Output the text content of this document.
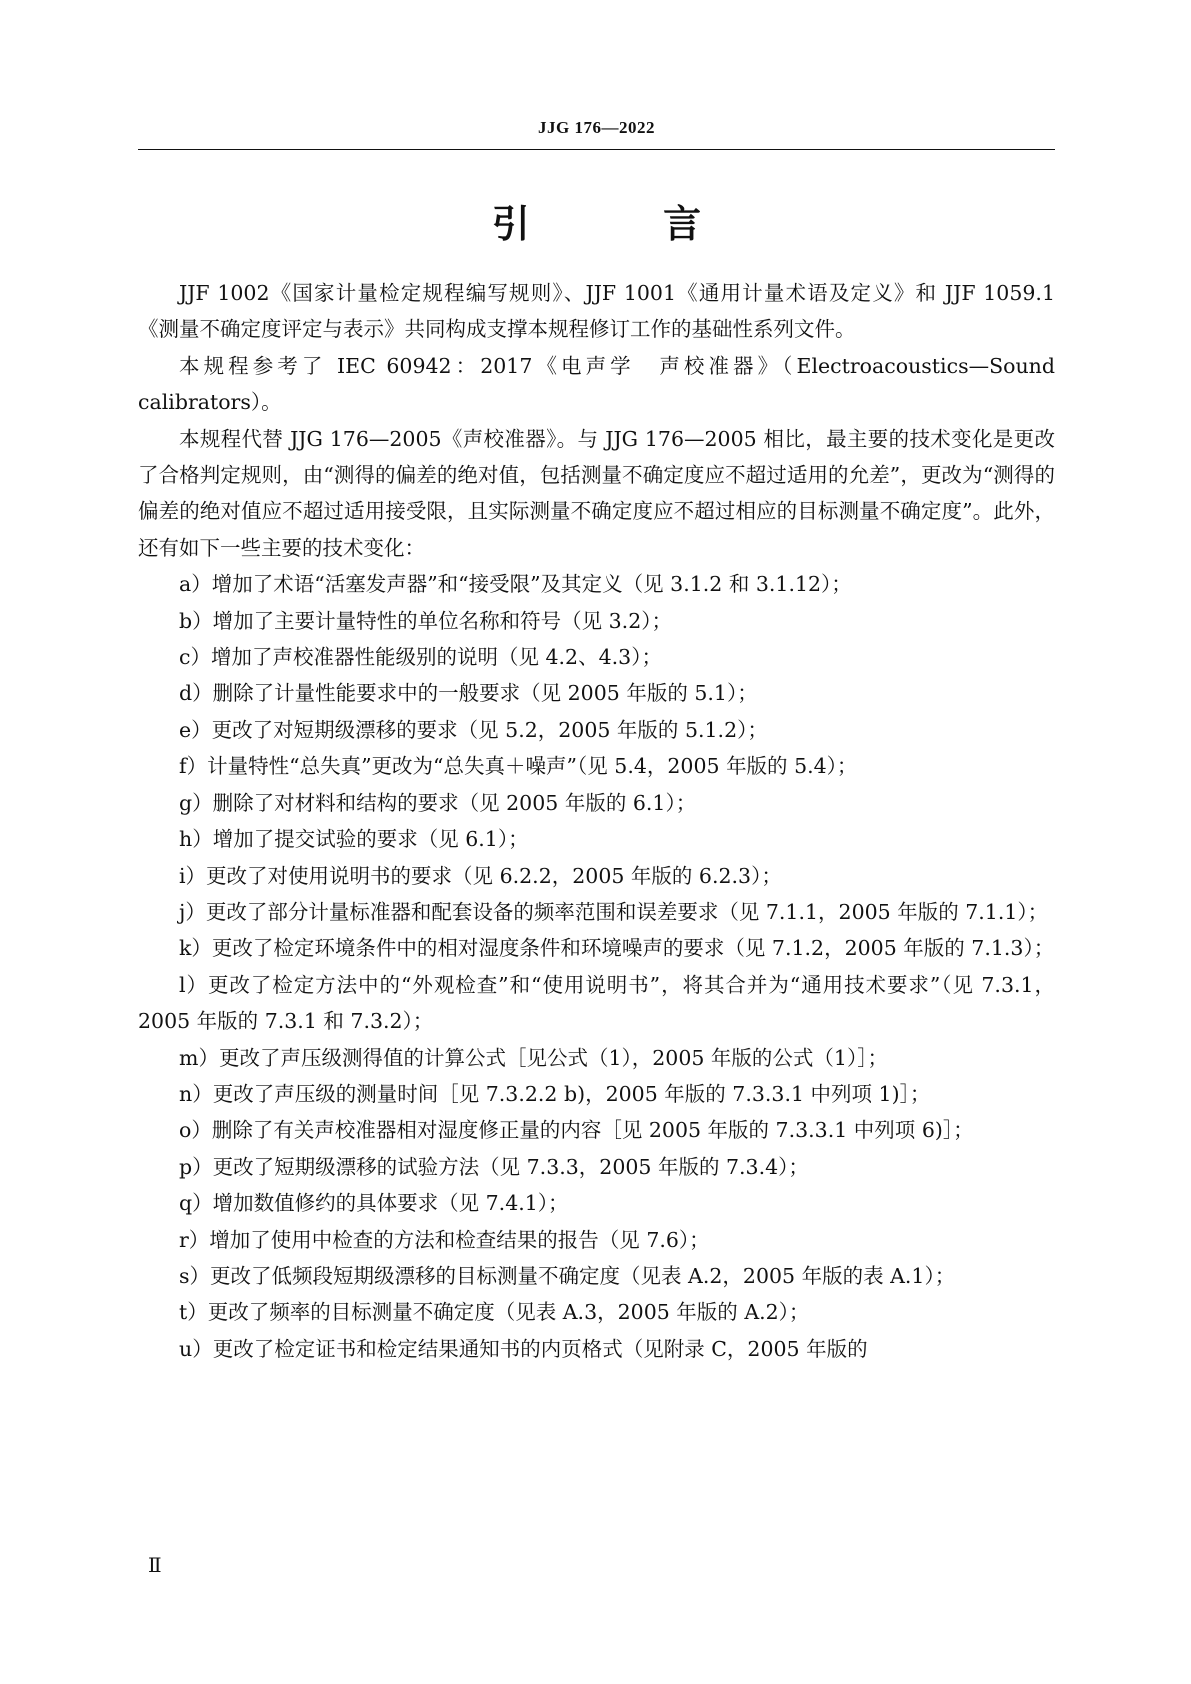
JJG 176—2022
引 言

JJF 1002《国家计量检定规程编写规则》、JJF 1001《通用计量术语及定义》和 JJF 1059.1《测量不确定度评定与表示》共同构成支撑本规程修订工作的基础性系列文件。

本规程参考了 IEC 60942：2017《电声学　声校准器》（Electroacoustics—Sound calibrators）。

本规程代替 JJG 176—2005《声校准器》。与 JJG 176—2005 相比，最主要的技术变化是更改了合格判定规则，由“测得的偏差的绝对值，包括测量不确定度应不超过适用的允差”，更改为“测得的偏差的绝对值应不超过适用接受限，且实际测量不确定度应不超过相应的目标测量不确定度”。此外，还有如下一些主要的技术变化：

a）增加了术语“活塞发声器”和“接受限”及其定义（见 3.1.2 和 3.1.12）；

b）增加了主要计量特性的单位名称和符号（见 3.2）；

c）增加了声校准器性能级别的说明（见 4.2、4.3）；

d）删除了计量性能要求中的一般要求（见 2005 年版的 5.1）；

e）更改了对短期级漂移的要求（见 5.2，2005 年版的 5.1.2）；

f）计量特性“总失真”更改为“总失真＋噪声”（见 5.4，2005 年版的 5.4）；

g）删除了对材料和结构的要求（见 2005 年版的 6.1）；

h）增加了提交试验的要求（见 6.1）；

i）更改了对使用说明书的要求（见 6.2.2，2005 年版的 6.2.3）；

j）更改了部分计量标准器和配套设备的频率范围和误差要求（见 7.1.1，2005 年版的 7.1.1）；

k）更改了检定环境条件中的相对湿度条件和环境噪声的要求（见 7.1.2，2005 年版的 7.1.3）；

l）更改了检定方法中的“外观检查”和“使用说明书”，将其合并为“通用技术要求”（见 7.3.1，2005 年版的 7.3.1 和 7.3.2）；

m）更改了声压级测得值的计算公式［见公式（1），2005 年版的公式（1）］；

n）更改了声压级的测量时间［见 7.3.2.2 b)，2005 年版的 7.3.3.1 中列项 1)］；

o）删除了有关声校准器相对湿度修正量的内容［见 2005 年版的 7.3.3.1 中列项 6)］；

p）更改了短期级漂移的试验方法（见 7.3.3，2005 年版的 7.3.4）；

q）增加数值修约的具体要求（见 7.4.1）；

r）增加了使用中检查的方法和检查结果的报告（见 7.6）；

s）更改了低频段短期级漂移的目标测量不确定度（见表 A.2，2005 年版的表 A.1）；

t）更改了频率的目标测量不确定度（见表 A.3，2005 年版的 A.2）；

u）更改了检定证书和检定结果通知书的内页格式（见附录 C，2005 年版的

Ⅱ
